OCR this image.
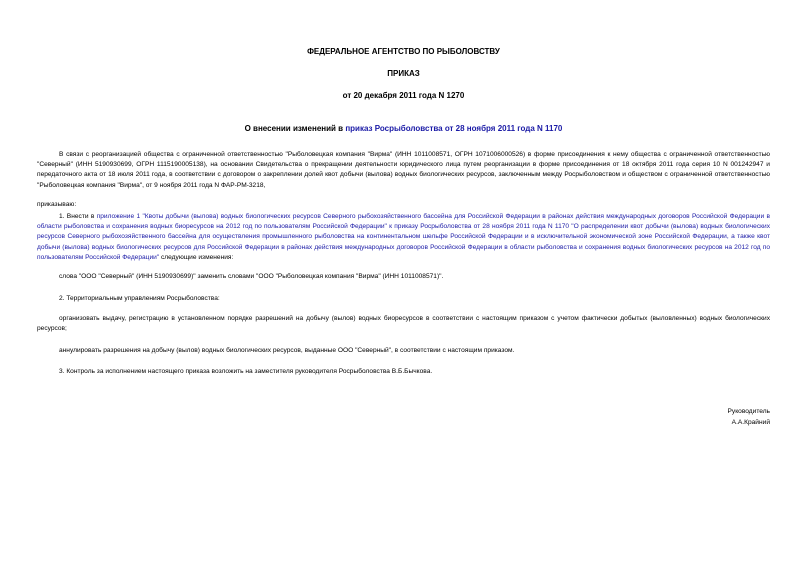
ФЕДЕРАЛЬНОЕ АГЕНТСТВО ПО РЫБОЛОВСТВУ
ПРИКАЗ
от 20 декабря 2011 года N 1270
О внесении изменений в приказ Росрыболовства от 28 ноября 2011 года N 1170
В связи с реорганизацией общества с ограниченной ответственностью "Рыболовецкая компания "Вирма" (ИНН 1011008571, ОГРН 1071006000526) в форме присоединения к нему общества с ограниченной ответственностью "Северный" (ИНН 5190930699, ОГРН 1115190005138), на основании Свидетельства о прекращении деятельности юридического лица путем реорганизации в форме присоединения от 18 октября 2011 года серия 10 N 001242947 и передаточного акта от 18 июля 2011 года, в соответствии с договором о закреплении долей квот добычи (вылова) водных биологических ресурсов, заключенным между Росрыболовством и обществом с ограниченной ответственностью "Рыболовецкая компания "Вирма", от 9 ноября 2011 года N ФАР-РМ-3218,
приказываю:
1. Внести в приложение 1 "Квоты добычи (вылова) водных биологических ресурсов Северного рыбохозяйственного бассейна для Российской Федерации в районах действия международных договоров Российской Федерации в области рыболовства и сохранения водных биоресурсов на 2012 год по пользователям Российской Федерации" к приказу Росрыболовства от 28 ноября 2011 года N 1170 "О распределении квот добычи (вылова) водных биологических ресурсов Северного рыбохозяйственного бассейна для осуществления промышленного рыболовства на континентальном шельфе Российской Федерации и в исключительной экономической зоне Российской Федерации, а также квот добычи (вылова) водных биологических ресурсов для Российской Федерации в районах действия международных договоров Российской Федерации в области рыболовства и сохранения водных биологических ресурсов на 2012 год по пользователям Российской Федерации" следующие изменения:
слова "ООО "Северный" (ИНН 5190930699)" заменить словами "ООО "Рыболовецкая компания "Вирма" (ИНН 1011008571)".
2. Территориальным управлениям Росрыболовства:
организовать выдачу, регистрацию в установленном порядке разрешений на добычу (вылов) водных биоресурсов в соответствии с настоящим приказом с учетом фактически добытых (выловленных) водных биологических ресурсов;
аннулировать разрешения на добычу (вылов) водных биологических ресурсов, выданные ООО "Северный", в соответствии с настоящим приказом.
3. Контроль за исполнением настоящего приказа возложить на заместителя руководителя Росрыболовства В.Б.Бычкова.
Руководитель
А.А.Крайний
